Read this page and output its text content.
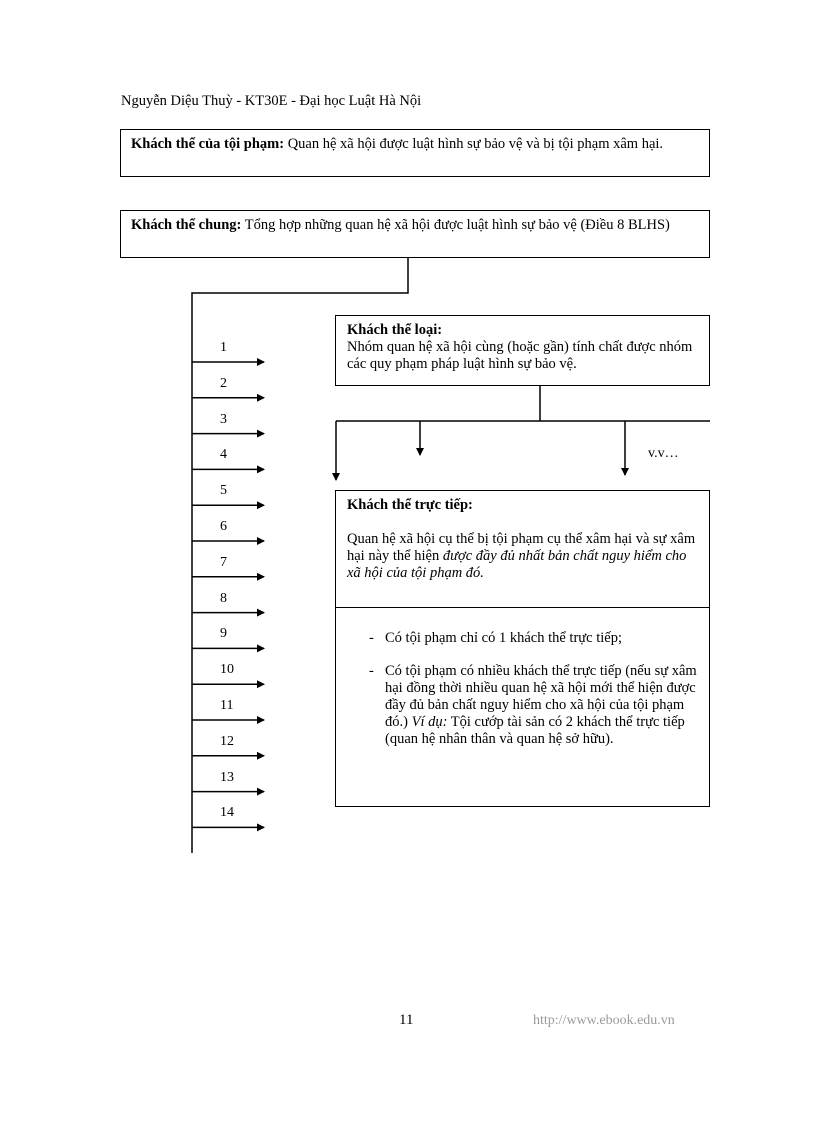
Nguyễn Diệu Thuỳ - KT30E - Đại học Luật Hà Nội
Khách thể của tội phạm: Quan hệ xã hội được luật hình sự bảo vệ và bị tội phạm xâm hại.
Khách thể chung: Tổng hợp những quan hệ xã hội được luật hình sự bảo vệ (Điều 8 BLHS)
Khách thể loại:
Nhóm quan hệ xã hội cùng (hoặc gần) tính chất được nhóm các quy phạm pháp luật hình sự bảo vệ.
Khách thể trực tiếp:
Quan hệ xã hội cụ thể bị tội phạm cụ thể xâm hại và sự xâm hại này thể hiện được đầy đủ nhất bản chất nguy hiểm cho xã hội của tội phạm đó.
- Có tội phạm chỉ có 1 khách thể trực tiếp;
- Có tội phạm có nhiều khách thể trực tiếp (nếu sự xâm hại đồng thời nhiều quan hệ xã hội mới thể hiện được đầy đủ bản chất nguy hiểm cho xã hội của tội phạm đó.) Ví dụ: Tội cướp tài sản có 2 khách thể trực tiếp (quan hệ nhân thân và quan hệ sở hữu).
1
2
3
4
5
6
7
8
9
10
11
12
13
14
v.v…
11	http://www.ebook.edu.vn
